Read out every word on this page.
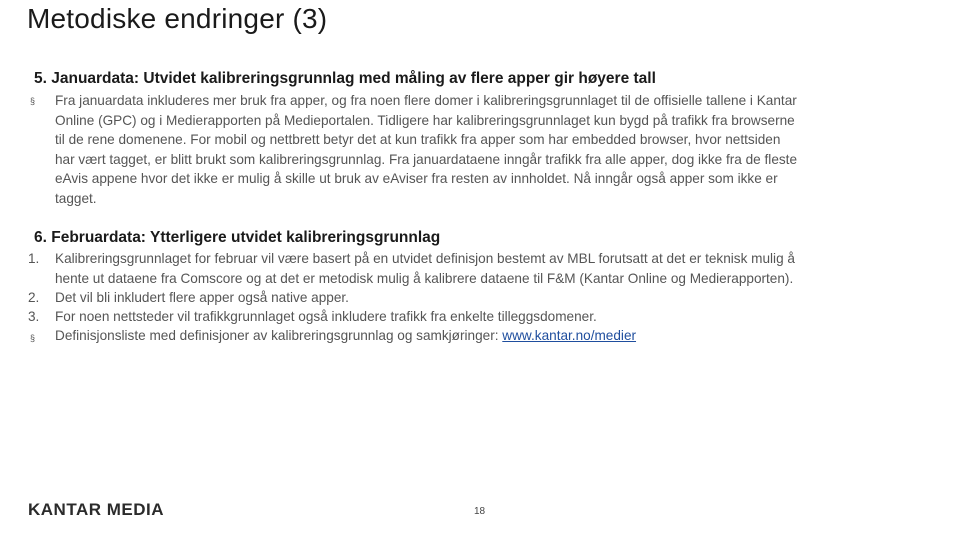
Metodiske endringer (3)
5. Januardata: Utvidet kalibreringsgrunnlag med måling av flere apper gir høyere tall
§ Fra januardata inkluderes mer bruk fra apper, og fra noen flere domer i kalibreringsgrunnlaget til de offisielle tallene i Kantar
Online (GPC) og i Medierapporten på Medieportalen. Tidligere har kalibreringsgrunnlaget kun bygd på trafikk fra browserne
til de rene domenene. For mobil og nettbrett betyr det at kun trafikk fra apper som har embedded browser, hvor nettsiden
har vært tagget, er blitt brukt som kalibreringsgrunnlag. Fra januardataene inngår trafikk fra alle apper, dog ikke fra de fleste
eAvis appene hvor det ikke er mulig å skille ut bruk av eAviser fra resten av innholdet. Nå inngår også apper som ikke er
tagget.
6. Februardata: Ytterligere utvidet kalibreringsgrunnlag
1.	Kalibreringsgrunnlaget for februar vil være basert på en utvidet definisjon bestemt av MBL forutsatt at det er teknisk mulig å
hente ut dataene fra Comscore og at det er metodisk mulig å kalibrere dataene til F&M (Kantar Online og Medierapporten).
2.	Det vil bli inkludert flere apper også native apper.
3.	For noen nettsteder vil trafikkgrunnlaget også inkludere trafikk fra enkelte tilleggsdomener.
§	Definisjonsliste med definisjoner av kalibreringsgrunnlag og samkjøringer: www.kantar.no/medier
KANTAR MEDIA	18
